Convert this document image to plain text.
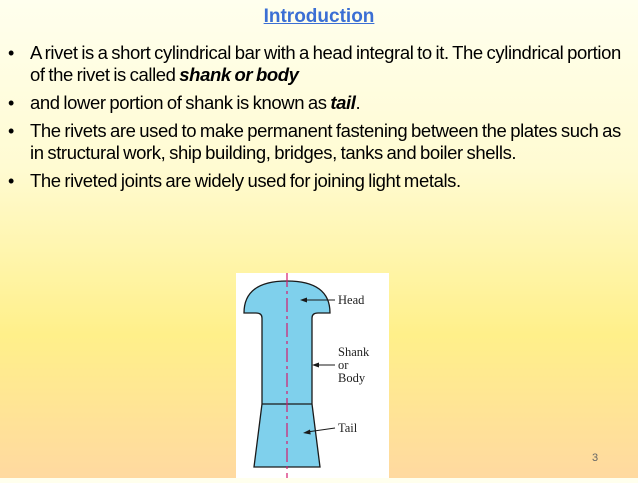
Introduction
• A rivet is a short cylindrical bar with a head integral to it. The cylindrical portion of the rivet is called shank or body
• and lower portion of shank is known as tail.
• The rivets are used to make permanent fastening between the plates such as in structural work, ship building, bridges, tanks and boiler shells.
• The riveted joints are widely used for joining light metals.
Head
Shank
or
Body
Tail
3
